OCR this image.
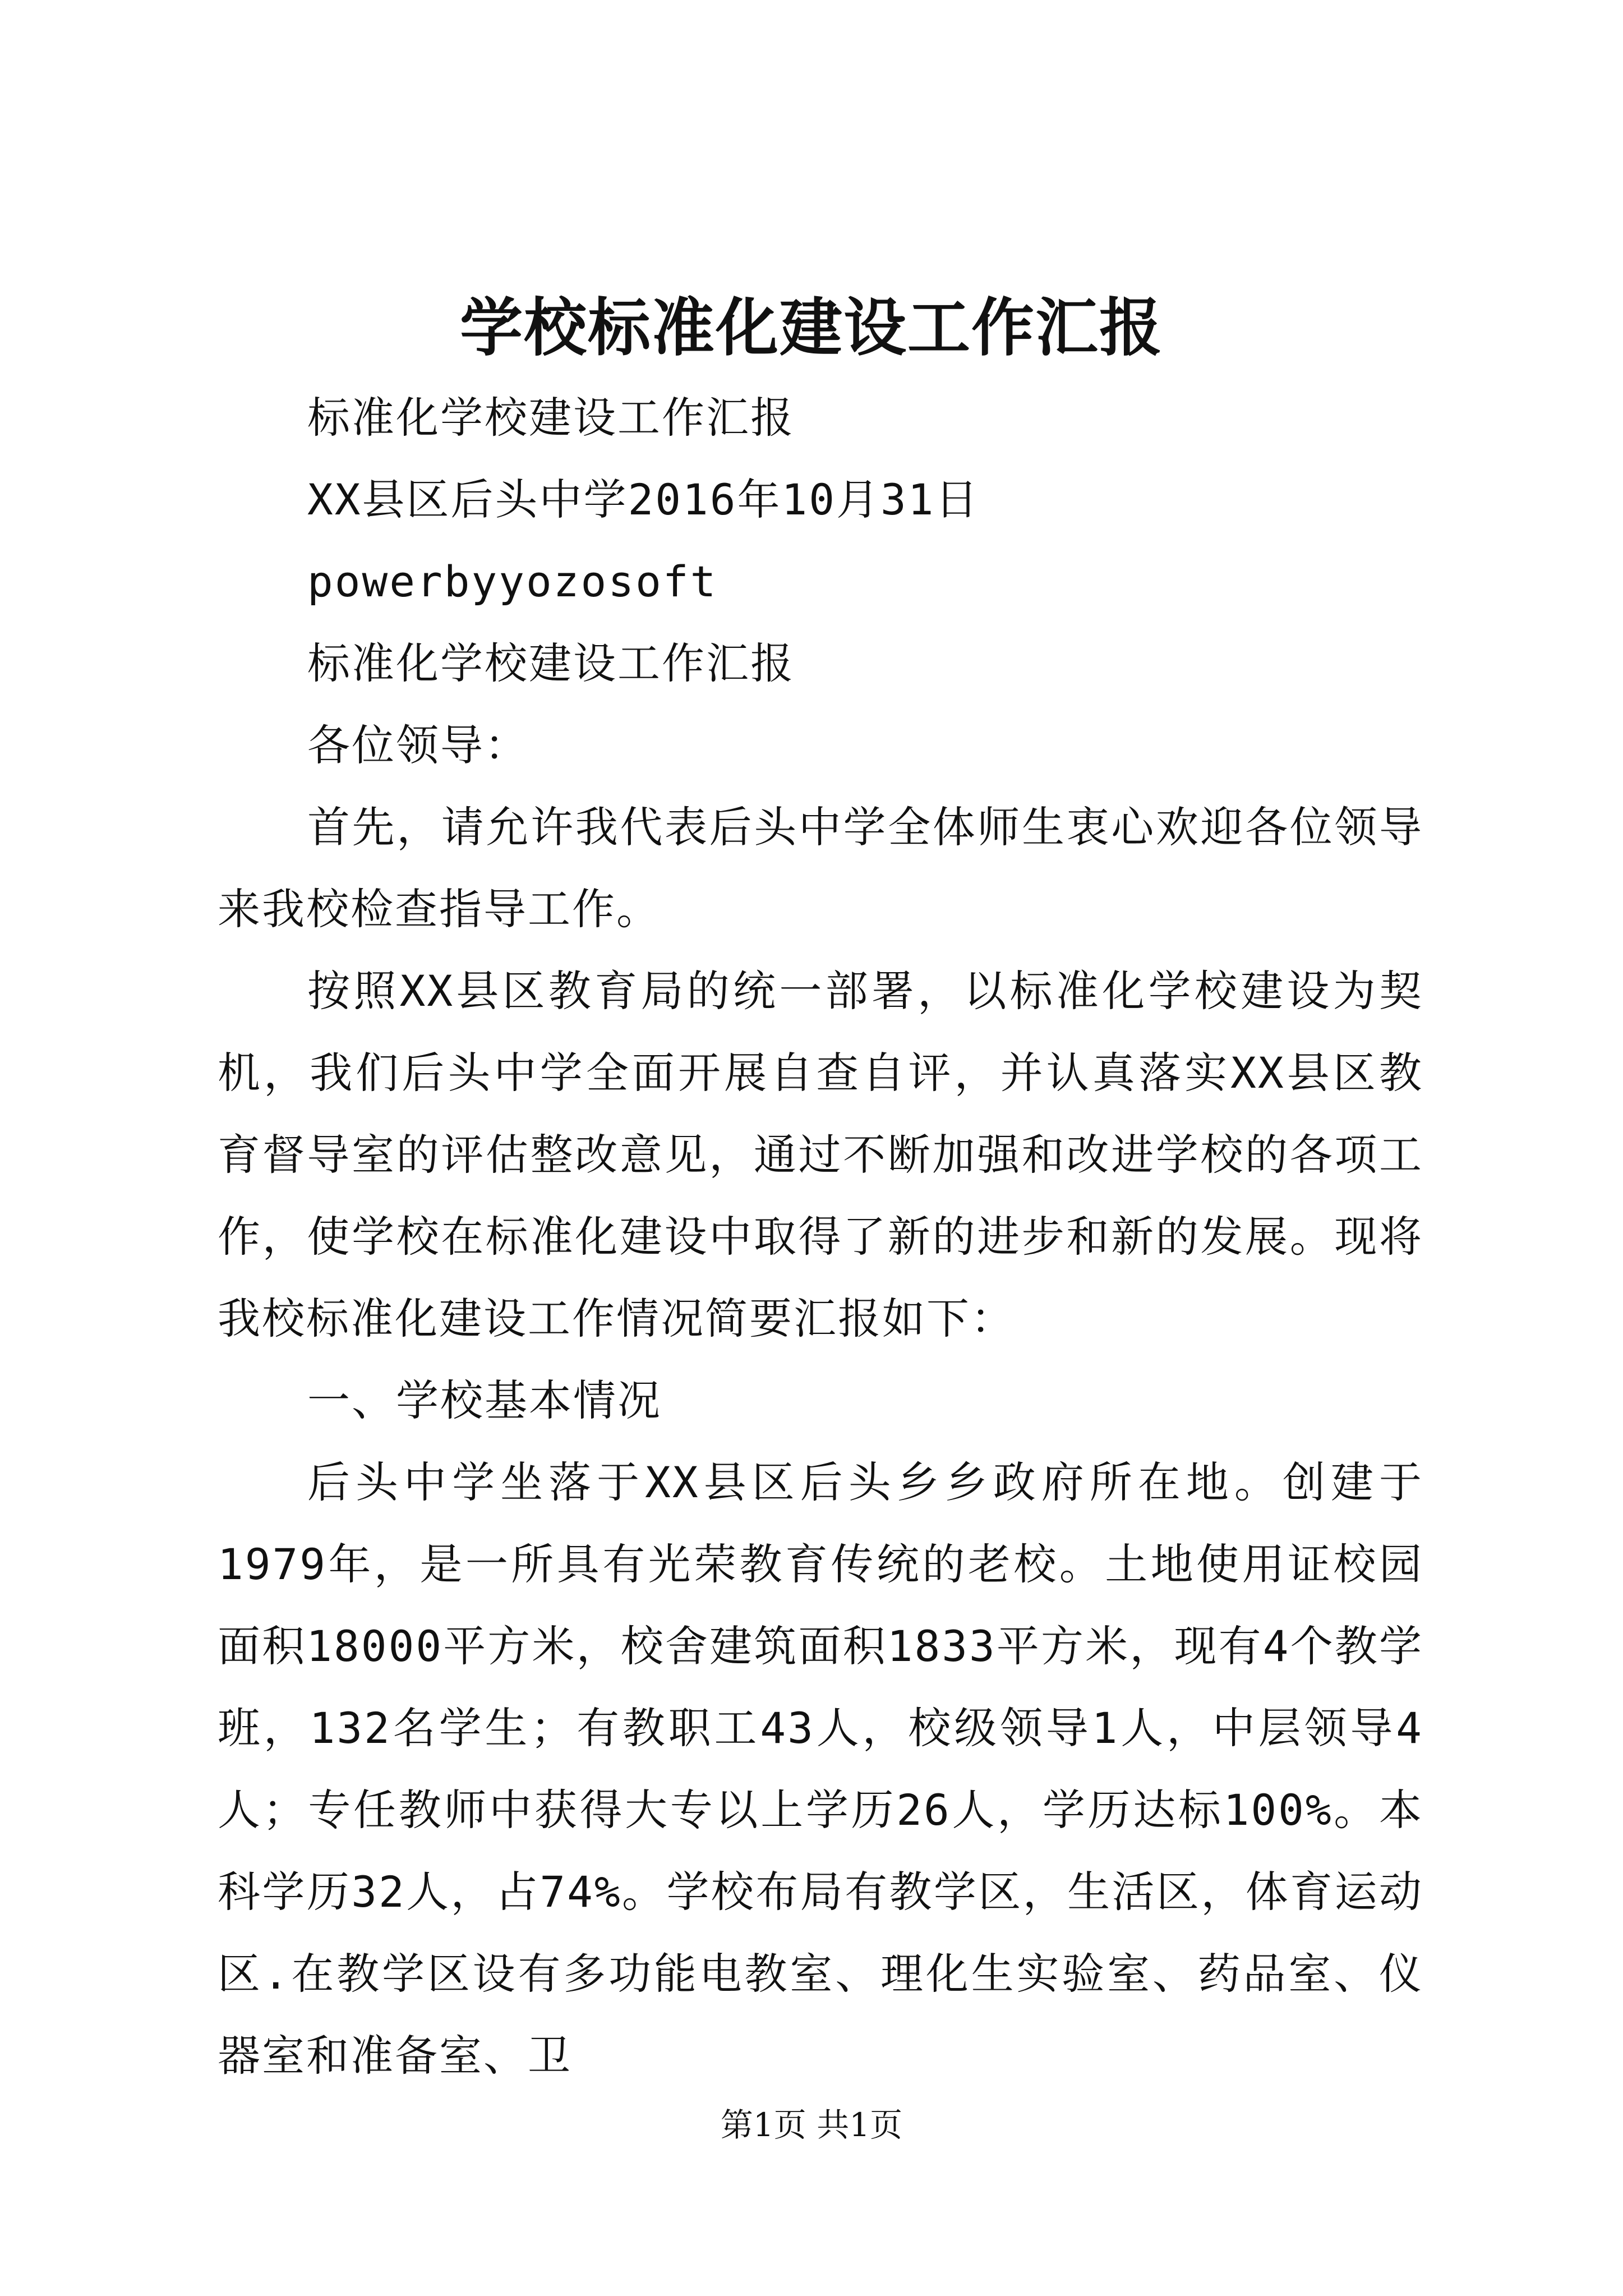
学校标准化建设工作汇报

标准化学校建设工作汇报

XX县区后头中学2016年10月31日

powerbyyozosoft

标准化学校建设工作汇报

各位领导：

首先，请允许我代表后头中学全体师生衷心欢迎各位领导来我校检查指导工作。

按照XX县区教育局的统一部署，以标准化学校建设为契机，我们后头中学全面开展自查自评，并认真落实XX县区教育督导室的评估整改意见，通过不断加强和改进学校的各项工作，使学校在标准化建设中取得了新的进步和新的发展。现将我校标准化建设工作情况简要汇报如下：

一、学校基本情况

后头中学坐落于XX县区后头乡乡政府所在地。创建于1979年，是一所具有光荣教育传统的老校。土地使用证校园面积18000平方米，校舍建筑面积1833平方米，现有4个教学班，132名学生；有教职工43人，校级领导1人，中层领导4人；专任教师中获得大专以上学历26人，学历达标100%。本科学历32人，占74%。学校布局有教学区，生活区，体育运动区.在教学区设有多功能电教室、理化生实验室、药品室、仪器室和准备室、卫

第1页 共1页
